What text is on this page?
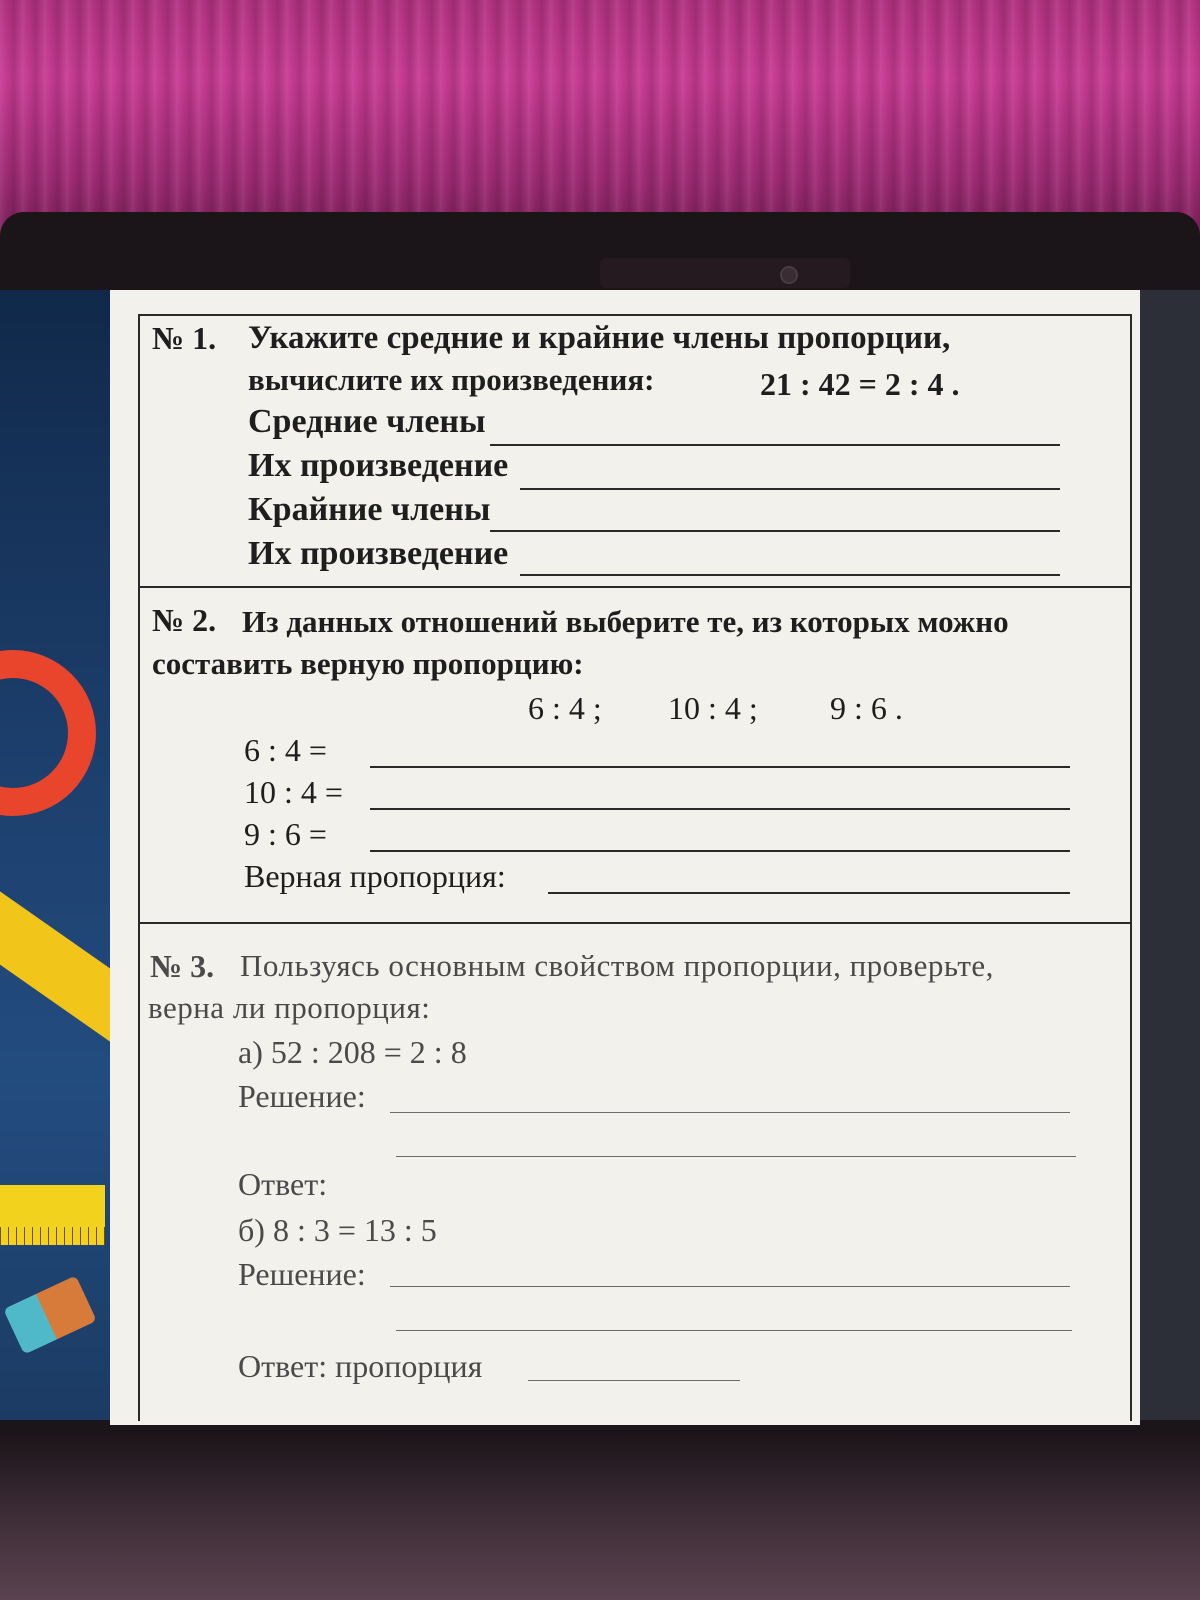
№ 1. Укажите средние и крайние члены пропорции,
вычислите их произведения:	21 : 42 = 2 : 4 .
Средние члены
Их произведение
Крайние члены
Их произведение
№ 2. Из данных отношений выберите те, из которых можно
составить верную пропорцию:
6 : 4 ; 10 : 4 ; 9 : 6 .
6 : 4 =
10 : 4 =
9 : 6 =
Верная пропорция:
№ 3. Пользуясь основным свойством пропорции, проверьте,
верна ли пропорция:
а) 52 : 208 = 2 : 8
Решение:
Ответ:
б) 8 : 3 = 13 : 5
Решение:
Ответ: пропорция
